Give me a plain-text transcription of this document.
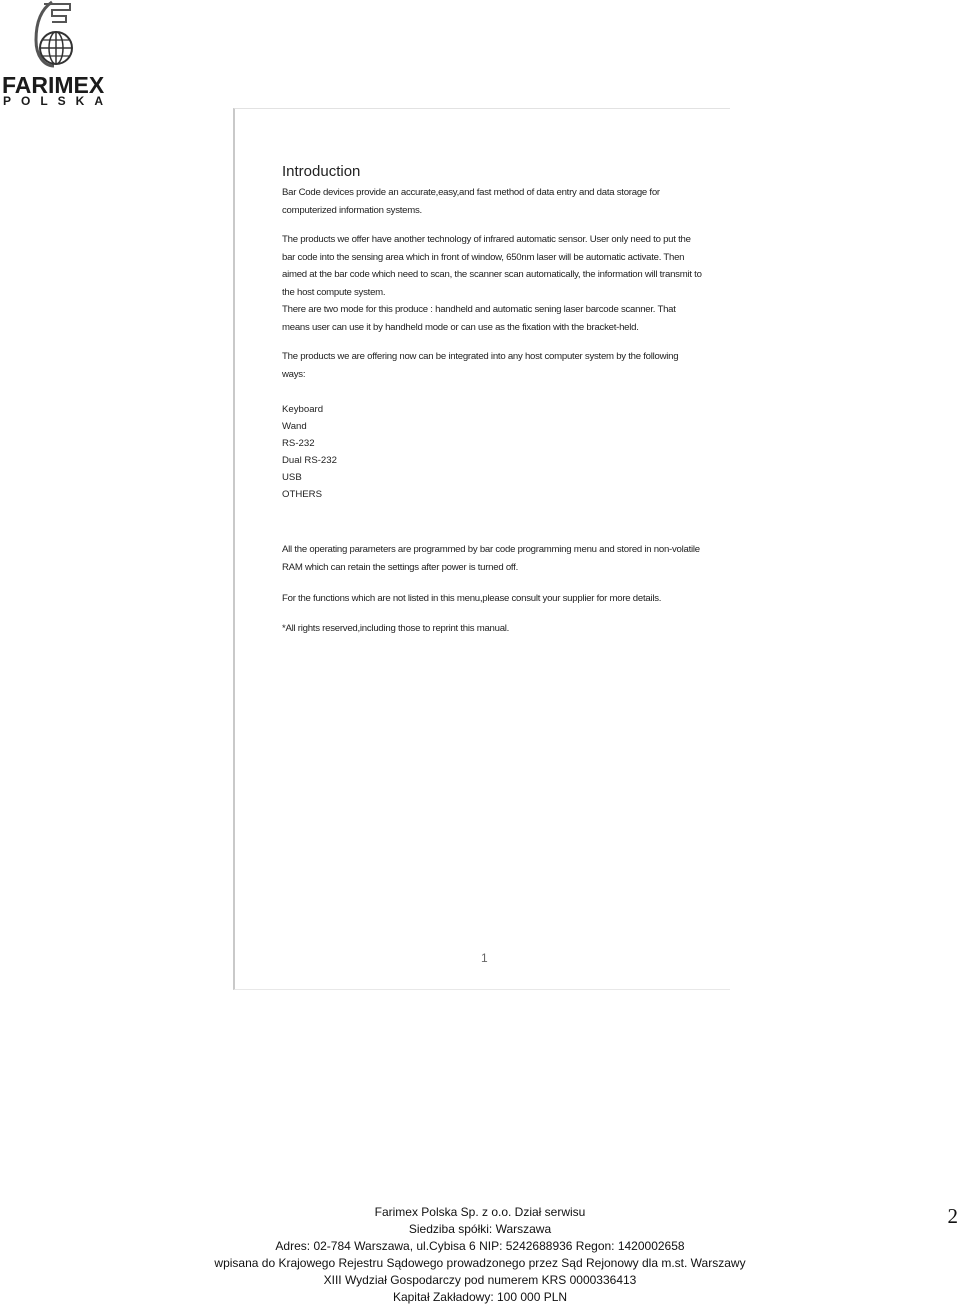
FARIMEX
POLSKA
Introduction

Bar Code devices provide an accurate,easy,and fast method of data entry and data storage for computerized information systems.

The products we offer have another technology of infrared automatic sensor. User only need to put the bar code into the sensing area which in front of window, 650nm laser will be automatic activate. Then aimed at the bar code which need to scan, the scanner scan automatically, the information will transmit to the host compute system.

There are two mode for this produce : handheld and automatic sening laser barcode scanner. That means user can use it by handheld mode or can use as the fixation with the bracket-held.

The products we are offering now can be integrated into any host computer system by the following ways:

Keyboard
Wand
RS-232
Dual RS-232
USB
OTHERS

All the operating parameters are programmed by bar code programming menu and stored in non-volatile RAM which can retain the settings after power is turned off.

For the functions which are not listed in this menu,please consult your supplier for more details.

*All rights reserved,including those to reprint this manual.

1
Farimex Polska Sp. z o.o. Dział serwisu
Siedziba spółki: Warszawa
Adres: 02-784 Warszawa, ul.Cybisa 6 NIP: 5242688936 Regon: 1420002658
wpisana do Krajowego Rejestru Sądowego prowadzonego przez Sąd Rejonowy dla m.st. Warszawy
XIII Wydział Gospodarczy pod numerem KRS 0000336413
Kapitał Zakładowy: 100 000 PLN
2
